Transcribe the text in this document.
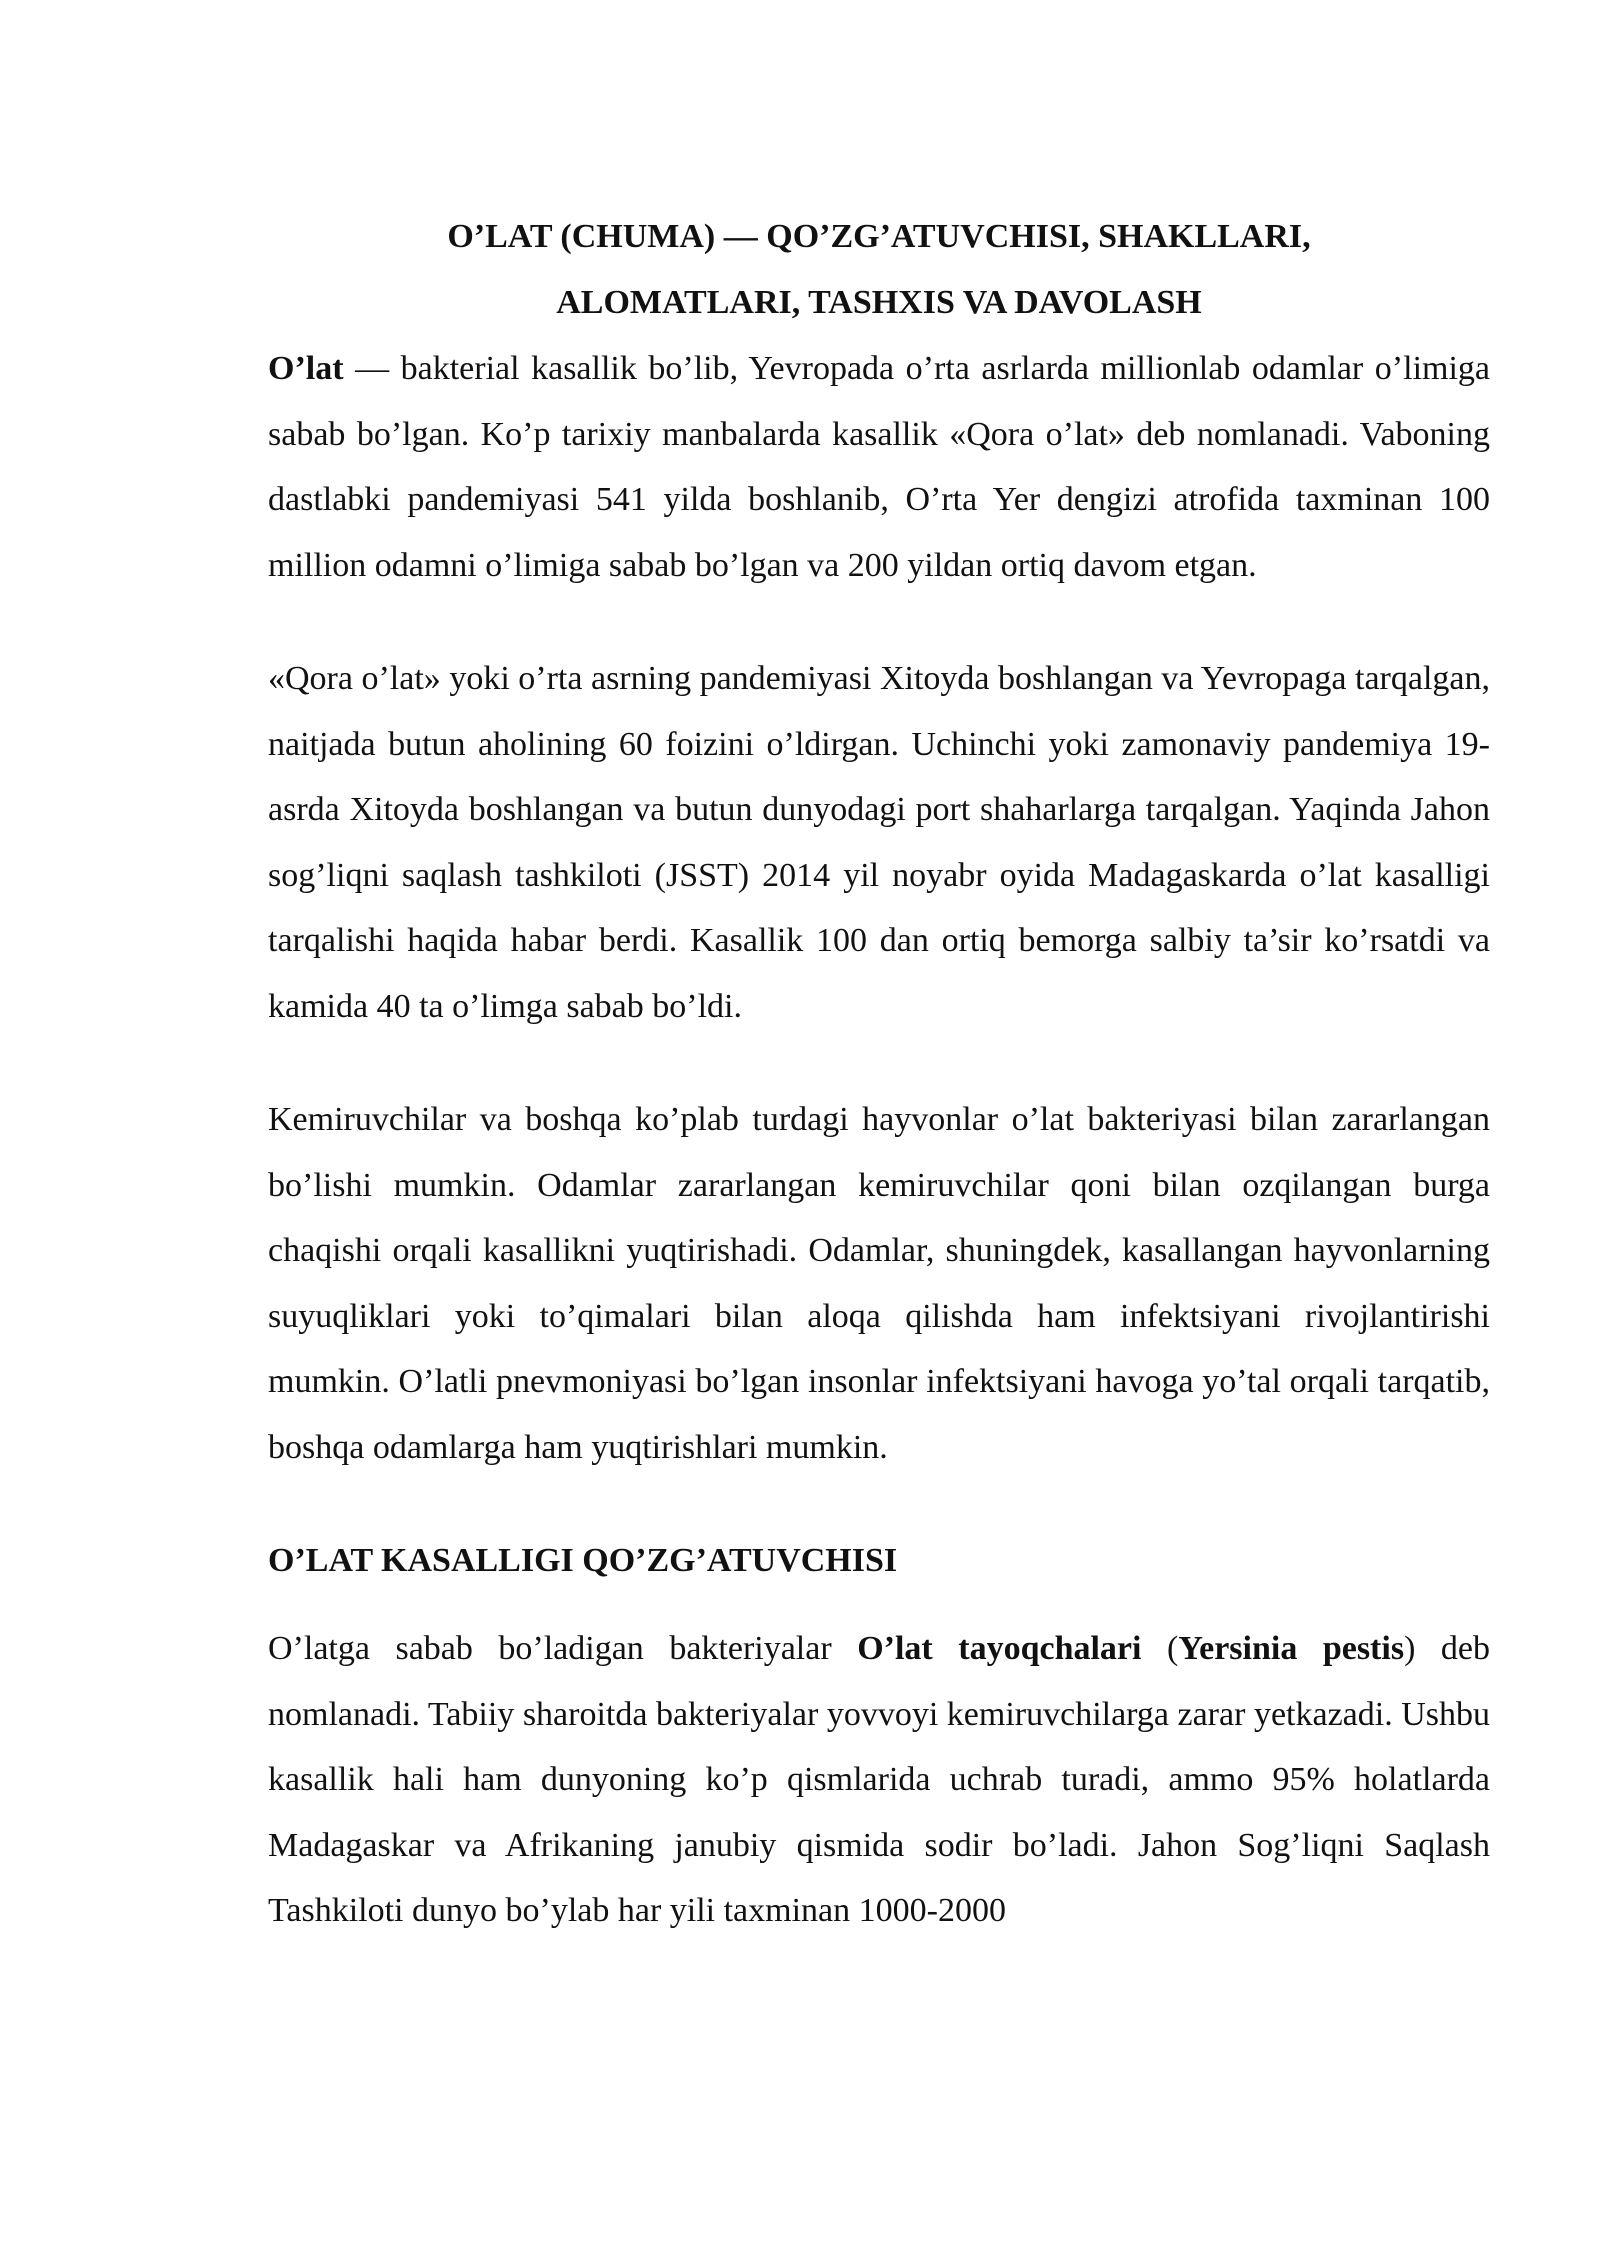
O’LAT (CHUMA) — QO’ZG’ATUVCHISI, SHAKLLARI,
ALOMATLARI, TASHXIS VA DAVOLASH

O’lat — bakterial kasallik bo’lib, Yevropada o’rta asrlarda millionlab odamlar o’limiga sabab bo’lgan. Ko’p tarixiy manbalarda kasallik «Qora o’lat» deb nomlanadi. Vaboning dastlabki pandemiyasi 541 yilda boshlanib, O’rta Yer dengizi atrofida taxminan 100 million odamni o’limiga sabab bo’lgan va 200 yildan ortiq davom etgan.

«Qora o’lat» yoki o’rta asrning pandemiyasi Xitoyda boshlangan va Yevropaga tarqalgan, naitjada butun aholining 60 foizini o’ldirgan. Uchinchi yoki zamonaviy pandemiya 19-asrda Xitoyda boshlangan va butun dunyodagi port shaharlarga tarqalgan. Yaqinda Jahon sog’liqni saqlash tashkiloti (JSST) 2014 yil noyabr oyida Madagaskarda o’lat kasalligi tarqalishi haqida habar berdi. Kasallik 100 dan ortiq bemorga salbiy ta’sir ko’rsatdi va kamida 40 ta o’limga sabab bo’ldi.

Kemiruvchilar va boshqa ko’plab turdagi hayvonlar o’lat bakteriyasi bilan zararlangan bo’lishi mumkin. Odamlar zararlangan kemiruvchilar qoni bilan ozqilangan burga chaqishi orqali kasallikni yuqtirishadi. Odamlar, shuningdek, kasallangan hayvonlarning suyuqliklari yoki to’qimalari bilan aloqa qilishda ham infektsiyani rivojlantirishi mumkin. O’latli pnevmoniyasi bo’lgan insonlar infektsiyani havoga yo’tal orqali tarqatib, boshqa odamlarga ham yuqtirishlari mumkin.

O’LAT KASALLIGI QO’ZG’ATUVCHISI

O’latga sabab bo’ladigan bakteriyalar O’lat tayoqchalari (Yersinia pestis) deb nomlanadi. Tabiiy sharoitda bakteriyalar yovvoyi kemiruvchilarga zarar yetkazadi. Ushbu kasallik hali ham dunyoning ko’p qismlarida uchrab turadi, ammo 95% holatlarda Madagaskar va Afrikaning janubiy qismida sodir bo’ladi. Jahon Sog’liqni Saqlash Tashkiloti dunyo bo’ylab har yili taxminan 1000-2000
